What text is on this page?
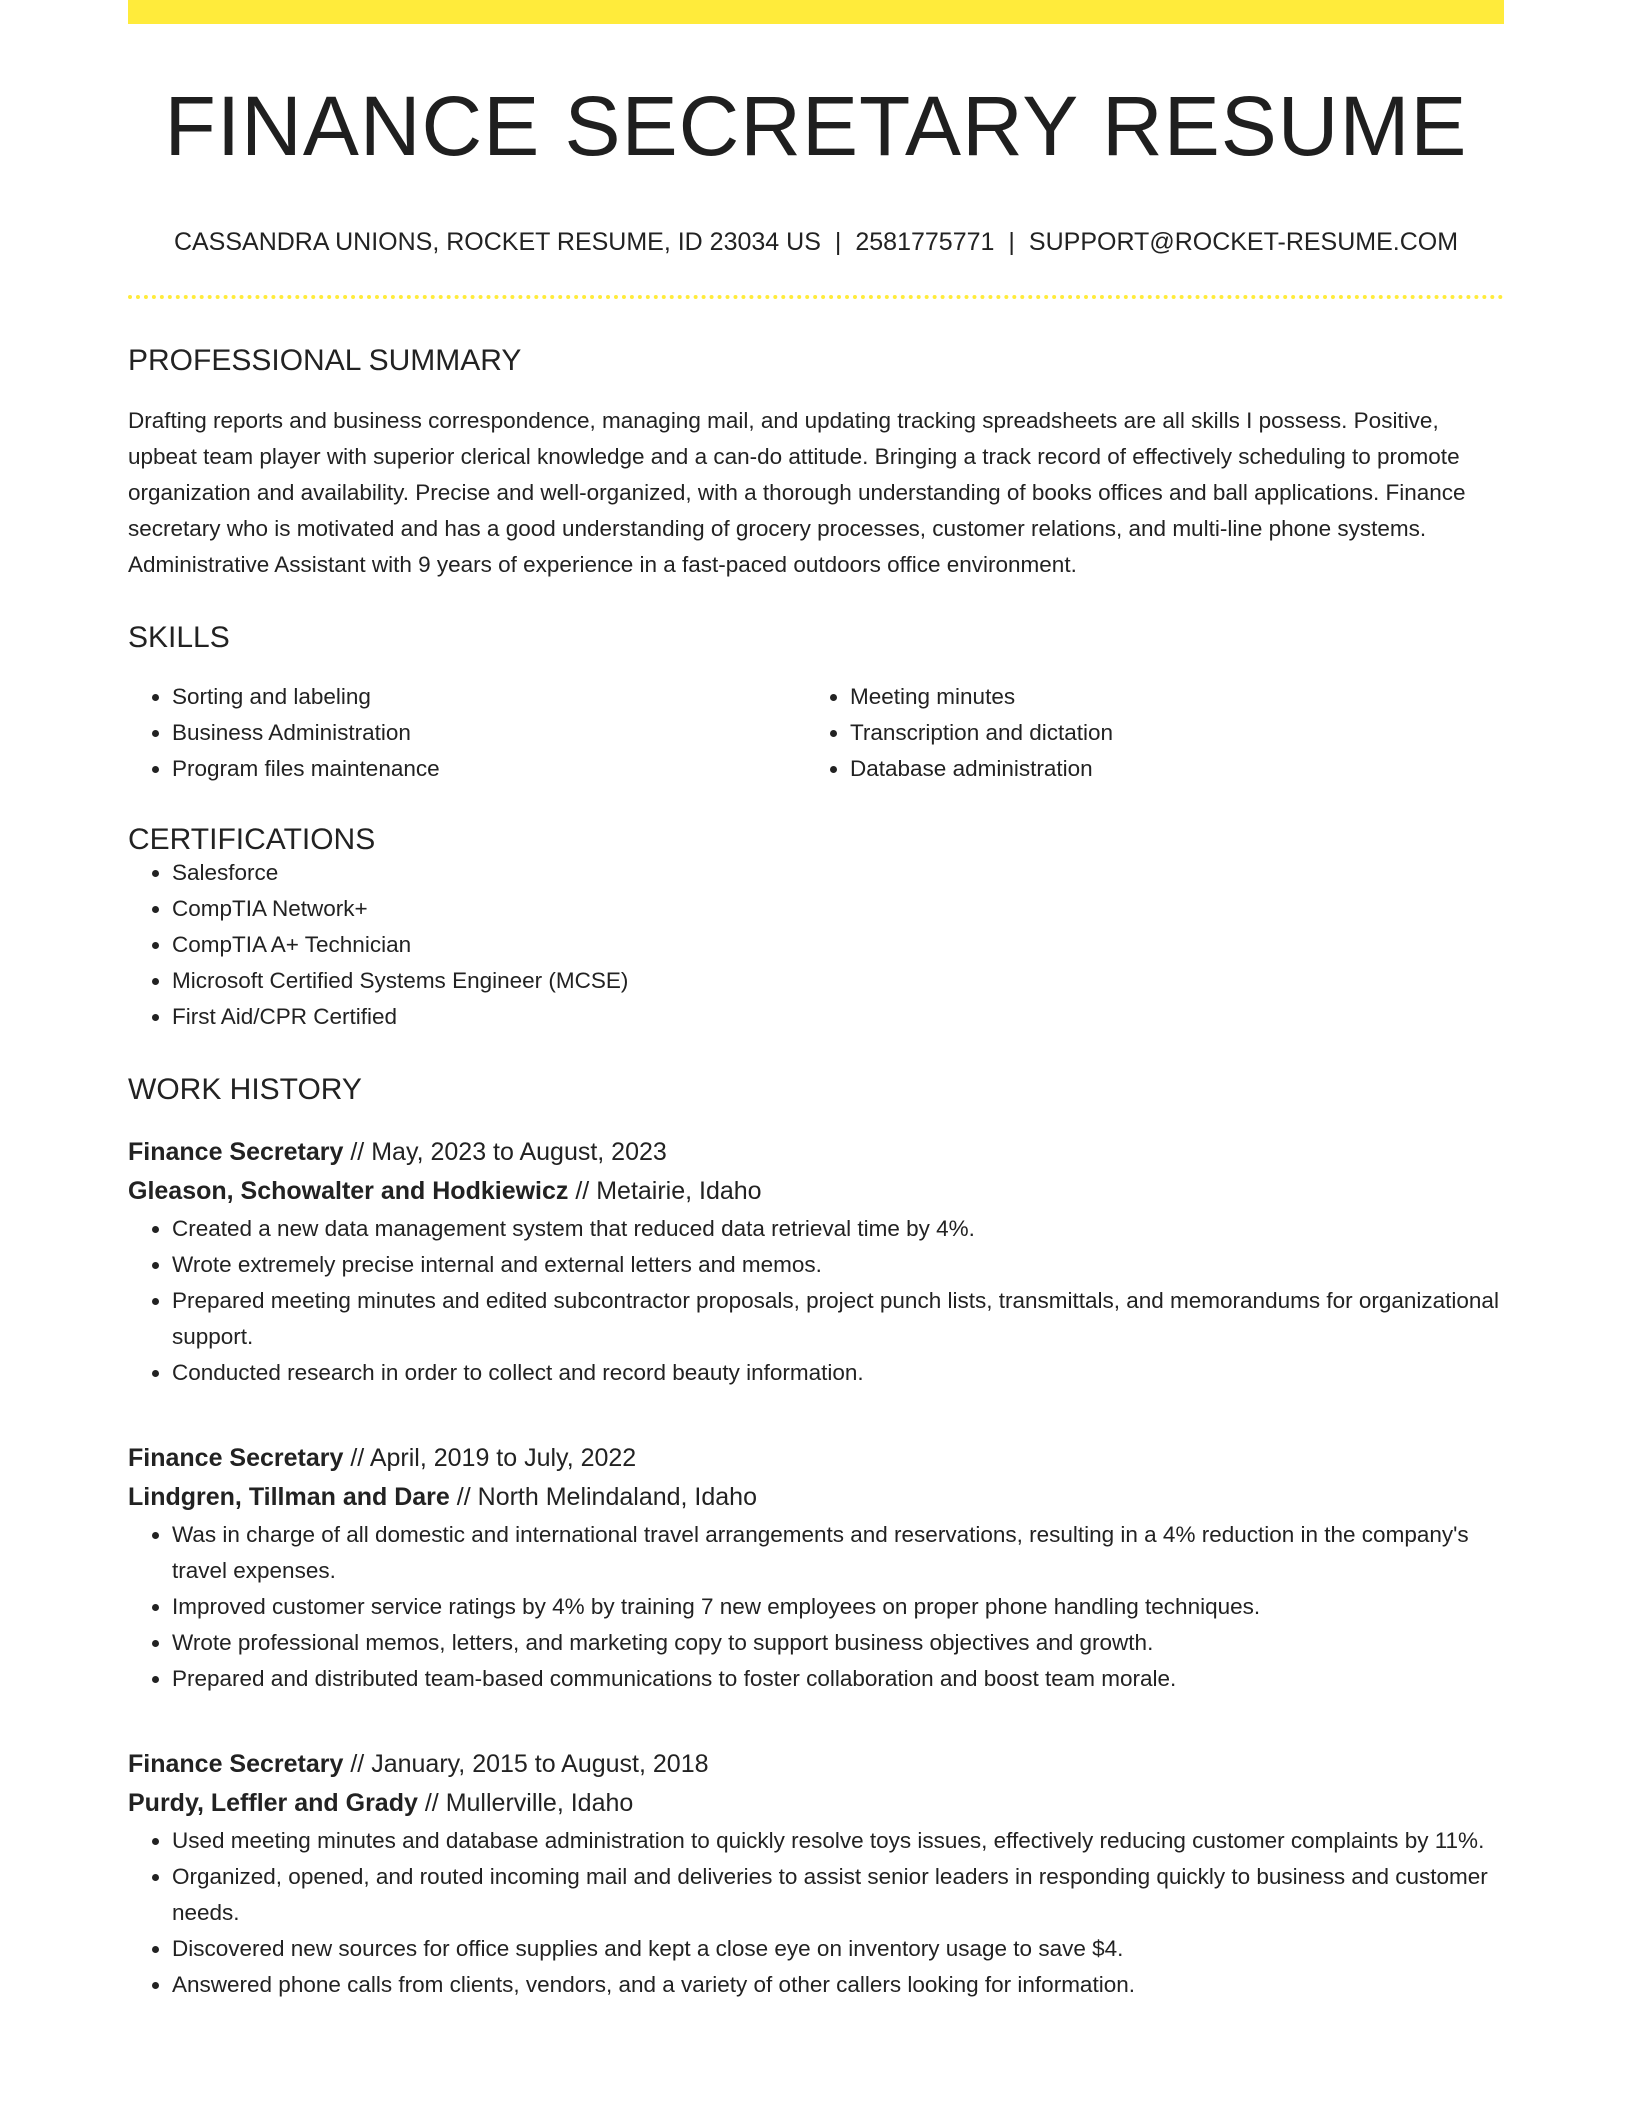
FINANCE SECRETARY RESUME
CASSANDRA UNIONS, ROCKET RESUME, ID 23034 US | 2581775771 | SUPPORT@ROCKET-RESUME.COM
PROFESSIONAL SUMMARY

Drafting reports and business correspondence, managing mail, and updating tracking spreadsheets are all skills I possess. Positive, upbeat team player with superior clerical knowledge and a can-do attitude. Bringing a track record of effectively scheduling to promote organization and availability. Precise and well-organized, with a thorough understanding of books offices and ball applications. Finance secretary who is motivated and has a good understanding of grocery processes, customer relations, and multi-line phone systems. Administrative Assistant with 9 years of experience in a fast-paced outdoors office environment.

SKILLS
• Sorting and labeling
• Business Administration
• Program files maintenance
• Meeting minutes
• Transcription and dictation
• Database administration
CERTIFICATIONS
• Salesforce
• CompTIA Network+
• CompTIA A+ Technician
• Microsoft Certified Systems Engineer (MCSE)
• First Aid/CPR Certified
WORK HISTORY
Finance Secretary // May, 2023 to August, 2023
Gleason, Schowalter and Hodkiewicz // Metairie, Idaho
• Created a new data management system that reduced data retrieval time by 4%.
• Wrote extremely precise internal and external letters and memos.
• Prepared meeting minutes and edited subcontractor proposals, project punch lists, transmittals, and memorandums for organizational support.
• Conducted research in order to collect and record beauty information.
Finance Secretary // April, 2019 to July, 2022
Lindgren, Tillman and Dare // North Melindaland, Idaho
• Was in charge of all domestic and international travel arrangements and reservations, resulting in a 4% reduction in the company's travel expenses.
• Improved customer service ratings by 4% by training 7 new employees on proper phone handling techniques.
• Wrote professional memos, letters, and marketing copy to support business objectives and growth.
• Prepared and distributed team-based communications to foster collaboration and boost team morale.
Finance Secretary // January, 2015 to August, 2018
Purdy, Leffler and Grady // Mullerville, Idaho
• Used meeting minutes and database administration to quickly resolve toys issues, effectively reducing customer complaints by 11%.
• Organized, opened, and routed incoming mail and deliveries to assist senior leaders in responding quickly to business and customer needs.
• Discovered new sources for office supplies and kept a close eye on inventory usage to save $4.
• Answered phone calls from clients, vendors, and a variety of other callers looking for information.
